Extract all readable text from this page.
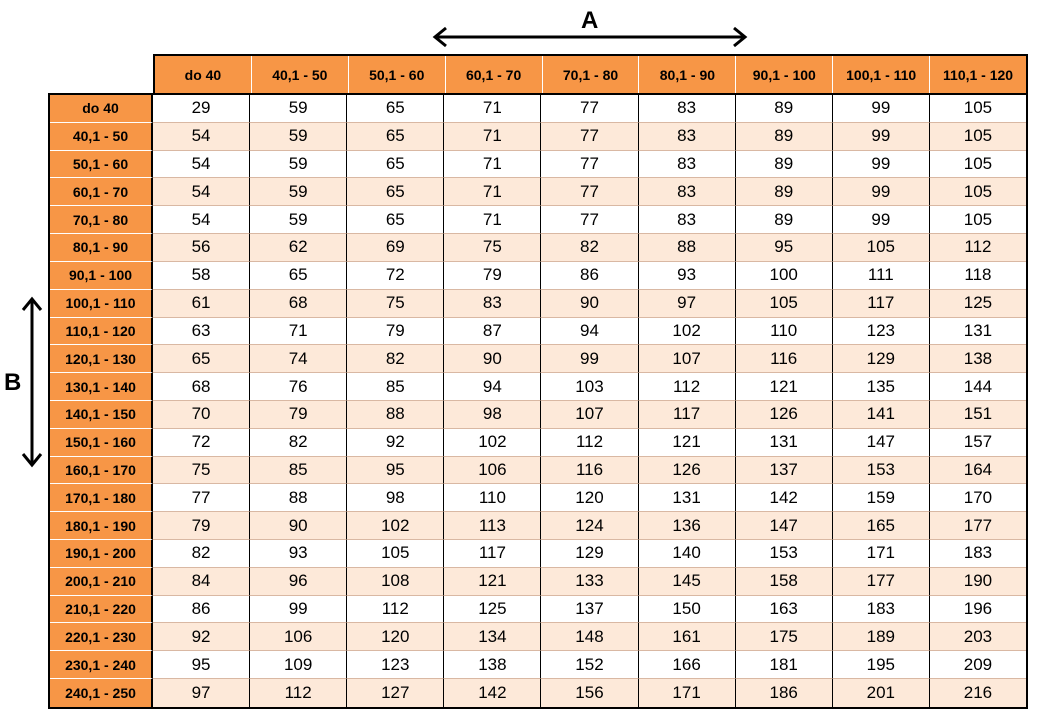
A
B
do 40	40,1 - 50	50,1 - 60	60,1 - 70	70,1 - 80	80,1 - 90	90,1 - 100	100,1 - 110	110,1 - 120
do 40	29	59	65	71	77	83	89	99	105
40,1 - 50	54	59	65	71	77	83	89	99	105
50,1 - 60	54	59	65	71	77	83	89	99	105
60,1 - 70	54	59	65	71	77	83	89	99	105
70,1 - 80	54	59	65	71	77	83	89	99	105
80,1 - 90	56	62	69	75	82	88	95	105	112
90,1 - 100	58	65	72	79	86	93	100	111	118
100,1 - 110	61	68	75	83	90	97	105	117	125
110,1 - 120	63	71	79	87	94	102	110	123	131
120,1 - 130	65	74	82	90	99	107	116	129	138
130,1 - 140	68	76	85	94	103	112	121	135	144
140,1 - 150	70	79	88	98	107	117	126	141	151
150,1 - 160	72	82	92	102	112	121	131	147	157
160,1 - 170	75	85	95	106	116	126	137	153	164
170,1 - 180	77	88	98	110	120	131	142	159	170
180,1 - 190	79	90	102	113	124	136	147	165	177
190,1 - 200	82	93	105	117	129	140	153	171	183
200,1 - 210	84	96	108	121	133	145	158	177	190
210,1 - 220	86	99	112	125	137	150	163	183	196
220,1 - 230	92	106	120	134	148	161	175	189	203
230,1 - 240	95	109	123	138	152	166	181	195	209
240,1 - 250	97	112	127	142	156	171	186	201	216
